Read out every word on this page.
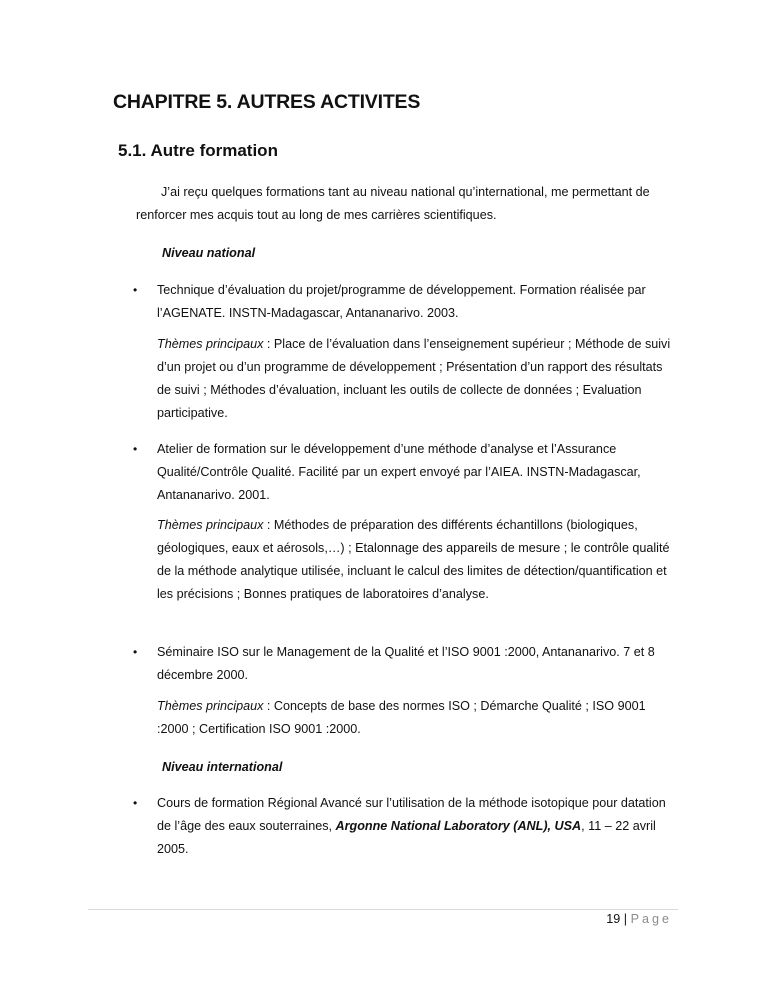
CHAPITRE 5. AUTRES ACTIVITES
5.1. Autre formation

J’ai reçu quelques formations tant au niveau national qu’international, me permettant de renforcer mes acquis tout au long de mes carrières scientifiques.

Niveau national

• Technique d’évaluation du projet/programme de développement. Formation réalisée par l’AGENATE. INSTN-Madagascar, Antananarivo. 2003.

Thèmes principaux : Place de l’évaluation dans l’enseignement supérieur ; Méthode de suivi d’un projet ou d’un programme de développement ; Présentation d’un rapport des résultats de suivi ; Méthodes d’évaluation, incluant les outils de collecte de données ; Evaluation participative.

• Atelier de formation sur le développement d’une méthode d’analyse et l’Assurance Qualité/Contrôle Qualité. Facilité par un expert envoyé par l’AIEA. INSTN-Madagascar, Antananarivo. 2001.

Thèmes principaux : Méthodes de préparation des différents échantillons (biologiques, géologiques, eaux et aérosols,…) ; Etalonnage des appareils de mesure ; le contrôle qualité de la méthode analytique utilisée, incluant le calcul des limites de détection/quantification et les précisions ; Bonnes pratiques de laboratoires d’analyse.

• Séminaire ISO sur le Management de la Qualité et l’ISO 9001 :2000, Antananarivo. 7 et 8 décembre 2000.

Thèmes principaux : Concepts de base des normes ISO ; Démarche Qualité ; ISO 9001 :2000 ; Certification ISO 9001 :2000.

Niveau international

• Cours de formation Régional Avancé sur l’utilisation de la méthode isotopique pour datation de l’âge des eaux souterraines, Argonne National Laboratory (ANL), USA, 11 – 22 avril 2005.

19 | Page
